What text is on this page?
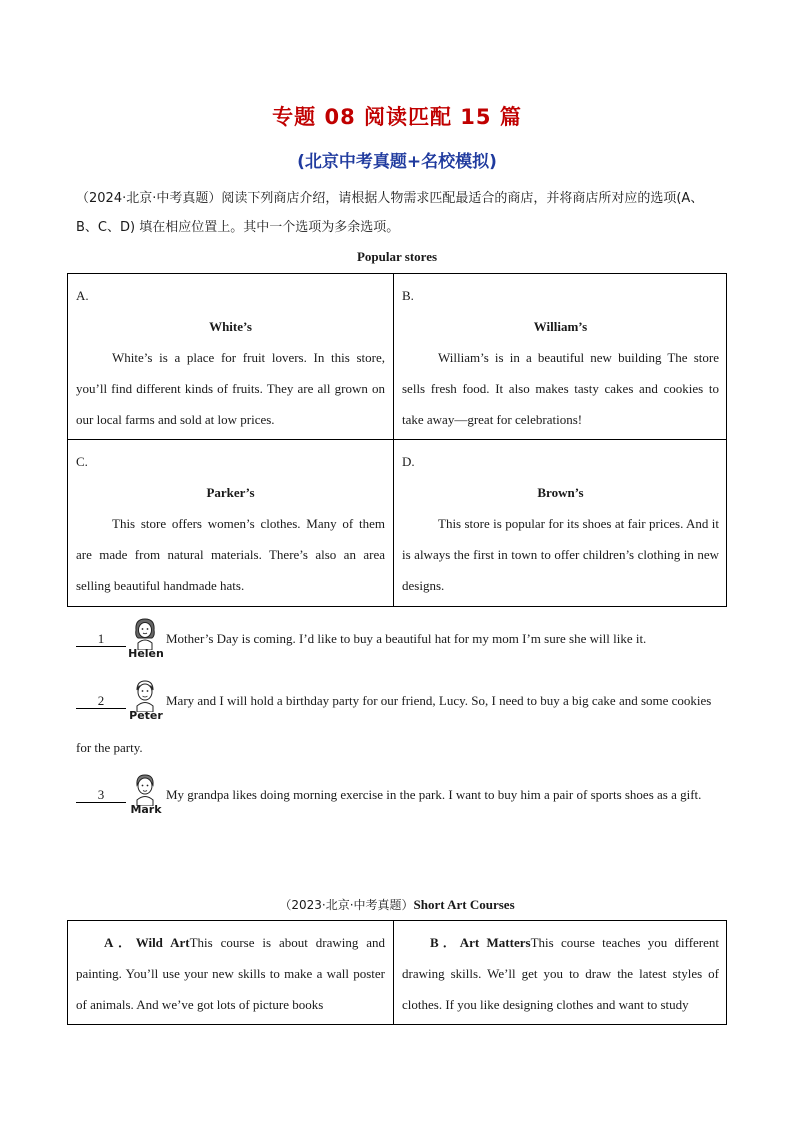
专题 08 阅读匹配 15 篇
(北京中考真题+名校模拟)
（2024·北京·中考真题）阅读下列商店介绍，请根据人物需求匹配最适合的商店，并将商店所对应的选项(A、B、C、D) 填在相应位置上。其中一个选项为多余选项。
Popular stores
A.
White’s
White’s is a place for fruit lovers. In this store, you’ll find different kinds of fruits. They are all grown on our local farms and sold at low prices.
B.
William’s
William’s is in a beautiful new building The store sells fresh food. It also makes tasty cakes and cookies to take away—great for celebrations!
C.
Parker’s
This store offers women’s clothes. Many of them are made from natural materials. There’s also an area selling beautiful handmade hats.
D.
Brown’s
This store is popular for its shoes at fair prices. And it is always the first in town to offer children’s clothing in new designs.
1
Helen
Mother’s Day is coming. I’d like to buy a beautiful hat for my mom I’m sure she will like it.
2
Peter
Mary and I will hold a birthday party for our friend, Lucy. So, I need to buy a big cake and some cookies for the party.
3
Mark
My grandpa likes doing morning exercise in the park. I want to buy him a pair of sports shoes as a gift.
（2023·北京·中考真题）Short Art Courses
A．Wild ArtThis course is about drawing and painting. You’ll use your new skills to make a wall poster of animals. And we’ve got lots of picture books
B．Art MattersThis course teaches you different drawing skills. We’ll get you to draw the latest styles of clothes. If you like designing clothes and want to study
